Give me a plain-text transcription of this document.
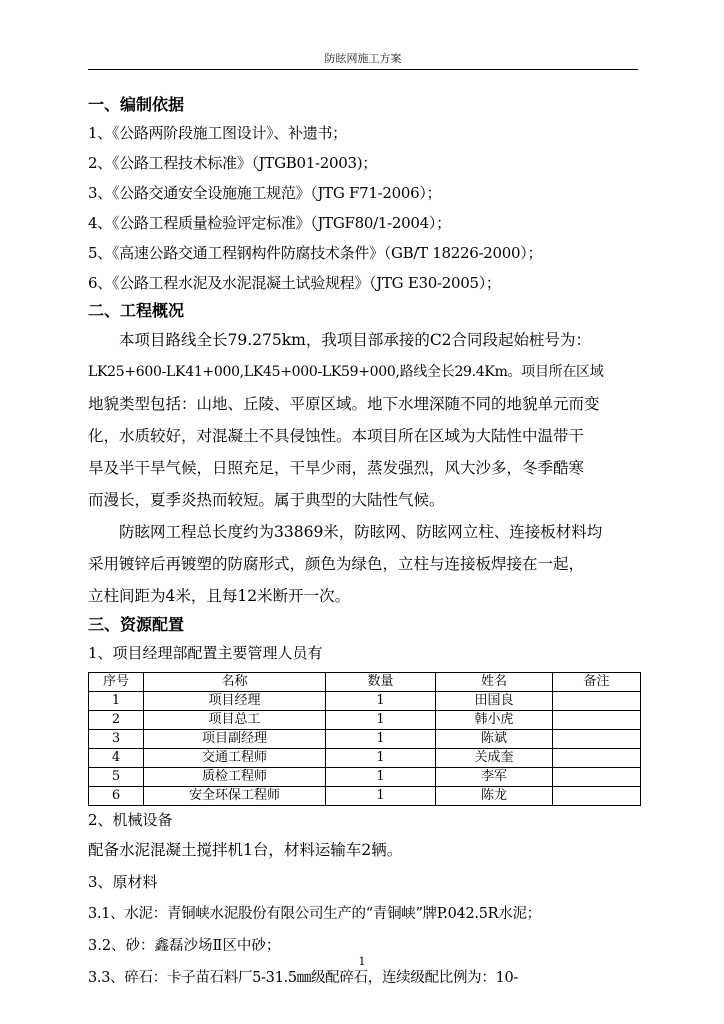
防眩网施工方案
一、编制依据
1、《公路两阶段施工图设计》、补遗书；
2、《公路工程技术标准》（JTGB01-2003)；
3、《公路交通安全设施施工规范》（JTG F71-2006）；
4、《公路工程质量检验评定标准》（JTGF80/1-2004）；
5、《高速公路交通工程钢构件防腐技术条件》（GB/T 18226-2000）；
6、《公路工程水泥及水泥混凝土试验规程》（JTG E30-2005）；
二、工程概况
本项目路线全长79.275km，我项目部承接的C2合同段起始桩号为：
LK25+600-LK41+000,LK45+000-LK59+000,路线全长29.4Km。项目所在区域
地貌类型包括：山地、丘陵、平原区域。地下水埋深随不同的地貌单元而变
化，水质较好，对混凝土不具侵蚀性。本项目所在区域为大陆性中温带干
旱及半干旱气候，日照充足，干旱少雨，蒸发强烈，风大沙多，冬季酷寒
而漫长，夏季炎热而较短。属于典型的大陆性气候。
防眩网工程总长度约为33869米，防眩网、防眩网立柱、连接板材料均
采用镀锌后再镀塑的防腐形式，颜色为绿色，立柱与连接板焊接在一起，
立柱间距为4米，且每12米断开一次。
三、资源配置
1、项目经理部配置主要管理人员有
序号	名称	数量	姓名	备注
1	项目经理	1	田国良	
2	项目总工	1	韩小虎	
3	项目副经理	1	陈斌	
4	交通工程师	1	关成奎	
5	质检工程师	1	李军	
6	安全环保工程师	1	陈龙	
2、机械设备
配备水泥混凝土搅拌机1台，材料运输车2辆。
3、原材料
3.1、水泥：青铜峡水泥股份有限公司生产的“青铜峡”牌P.042.5R水泥；
3.2、砂：鑫磊沙场Ⅱ区中砂；
3.3、碎石：卡子苗石料厂5-31.5㎜级配碎石，连续级配比例为：10-
1
